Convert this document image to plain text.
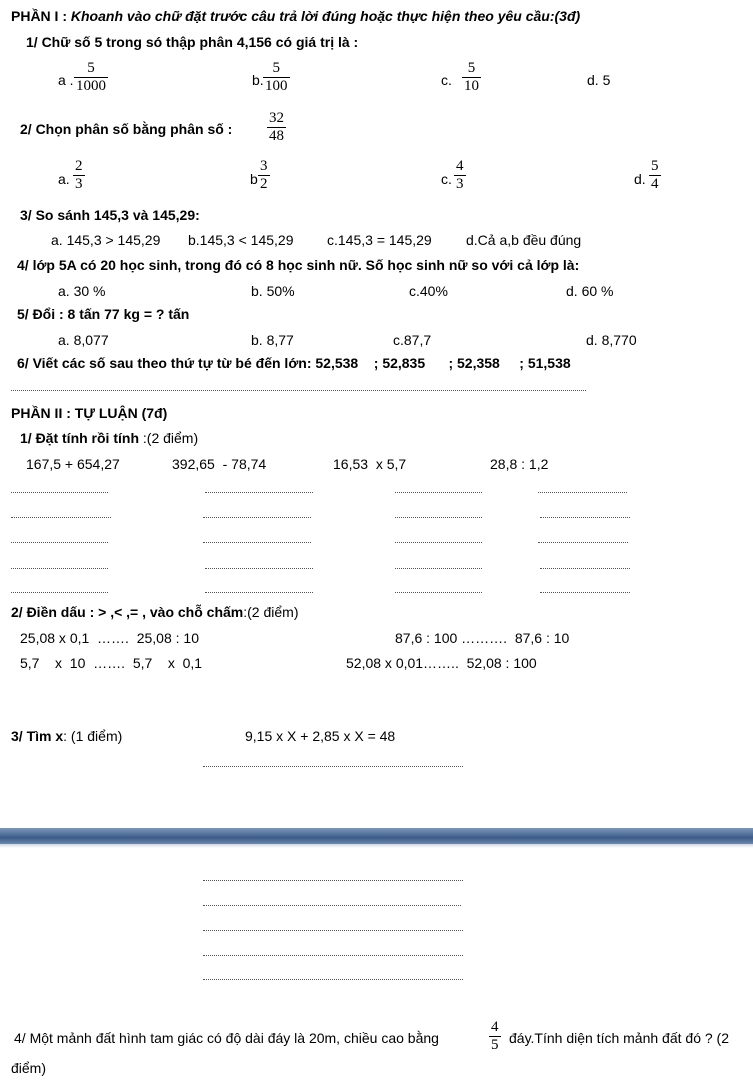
PHẦN I : Khoanh vào chữ đặt trước câu trả lời đúng hoặc thực hiện theo yêu cầu:(3đ)
1/ Chữ số 5 trong só thập phân 4,156 có giá trị là :
a .
5
1000	b.
5
100	c.
5
10	d. 5
2/ Chọn phân số bằng phân số :
32
48
a.
2
3	b
3
2	c.
4
3	d.
5
4
3/ So sánh 145,3 và 145,29:
a. 145,3 > 145,29 b.145,3 < 145,29 c.145,3 = 145,29 d.Cả a,b đều đúng
4/ lớp 5A có 20 học sinh, trong đó có 8 học sinh nữ. Số học sinh nữ so với cả lớp là:
a. 30 %	b. 50%	c.40%	d. 60 %
5/ Đổi : 8 tấn 77 kg = ? tấn
a. 8,077	b. 8,77	c.87,7	d. 8,770
6/ Viết các số sau theo thứ tự từ bé đến lớn: 52,538    ; 52,835      ; 52,358     ; 51,538
PHẦN II : TỰ LUẬN (7đ)
1/ Đặt tính rồi tính :(2 điểm)
167,5 + 654,27	392,65  - 78,74	16,53  x 5,7	28,8 : 1,2
2/ Điền dấu : > ,< ,= , vào chỗ chấm:(2 điểm)
25,08 x 0,1  …….  25,08 : 10	87,6 : 100 ……….  87,6 : 10
5,7    x  10  …….  5,7    x  0,1	52,08 x 0,01……..  52,08 : 100
3/ Tìm x: (1 điểm)	9,15 x X + 2,85 x X = 48
4/ Một mảnh đất hình tam giác có độ dài đáy là 20m, chiều cao bằng
4
5 đáy.Tính diện tích mảnh đất đó ? (2
điểm)
